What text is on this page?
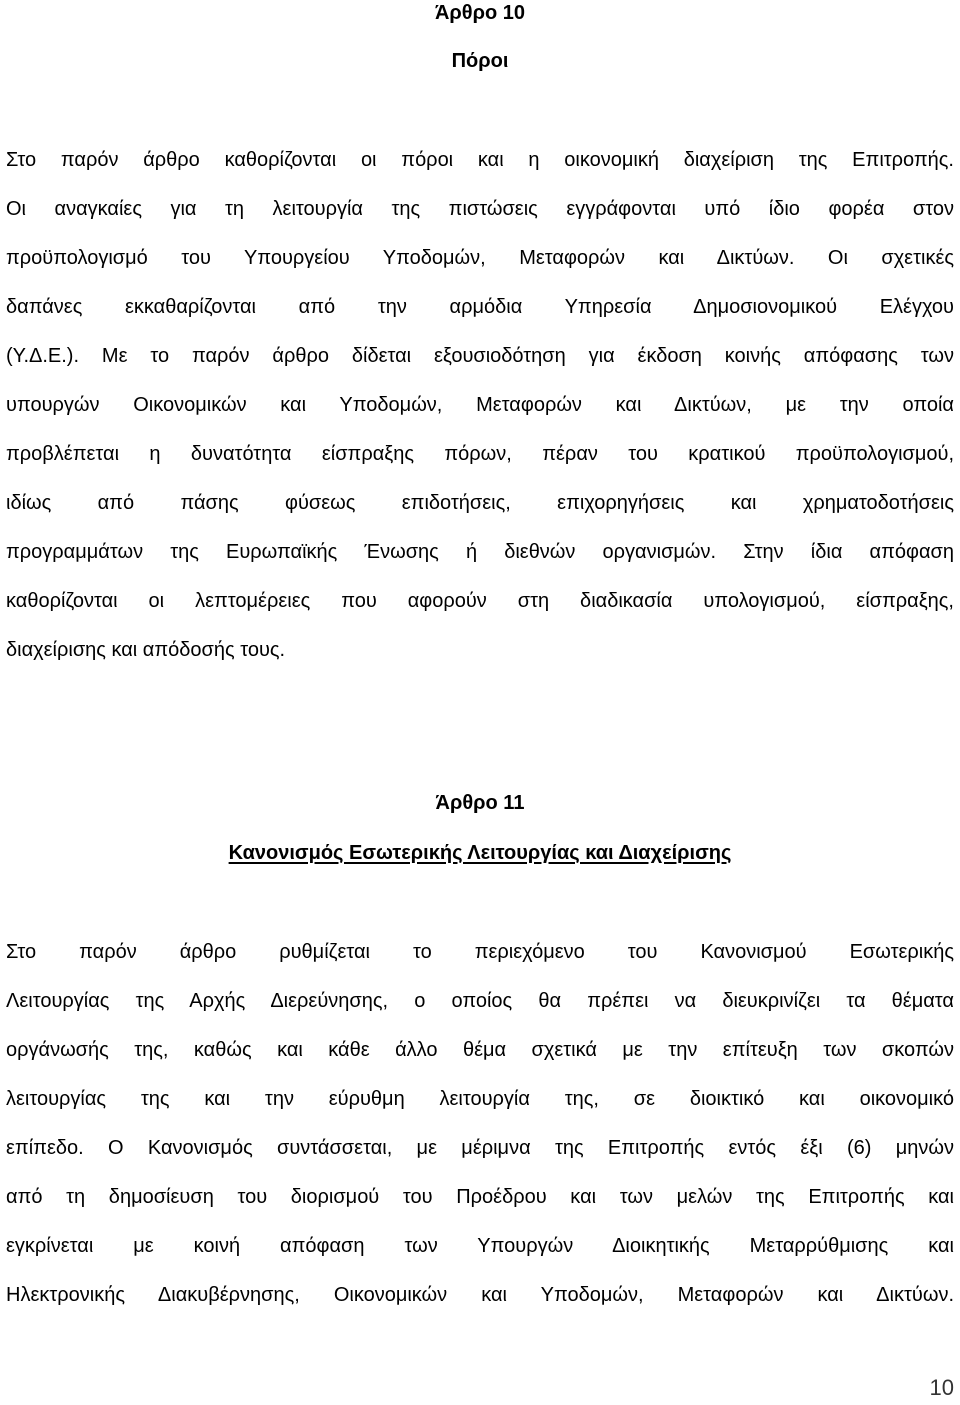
Άρθρο 10
Πόροι
Στο παρόν άρθρο καθορίζονται οι πόροι και η οικονομική διαχείριση της Επιτροπής.
Οι αναγκαίες για τη λειτουργία της πιστώσεις εγγράφονται υπό ίδιο φορέα στον
προϋπολογισμό του Υπουργείου Υποδομών, Μεταφορών και Δικτύων. Οι σχετικές
δαπάνες εκκαθαρίζονται από την αρμόδια Υπηρεσία Δημοσιονομικού Ελέγχου
(Υ.Δ.Ε.). Με το παρόν άρθρο δίδεται εξουσιοδότηση για έκδοση κοινής απόφασης των
υπουργών Οικονομικών και Υποδομών, Μεταφορών και Δικτύων, με την οποία
προβλέπεται η δυνατότητα είσπραξης πόρων, πέραν του κρατικού προϋπολογισμού,
ιδίως από πάσης φύσεως επιδοτήσεις, επιχορηγήσεις και χρηματοδοτήσεις
προγραμμάτων της Ευρωπαϊκής Ένωσης ή διεθνών οργανισμών. Στην ίδια απόφαση
καθορίζονται οι λεπτομέρειες που αφορούν στη διαδικασία υπολογισμού, είσπραξης,
διαχείρισης και απόδοσής τους.
Άρθρο 11
Κανονισμός Εσωτερικής Λειτουργίας και Διαχείρισης
Στο παρόν άρθρο ρυθμίζεται το περιεχόμενο του Κανονισμού Εσωτερικής
Λειτουργίας της Αρχής Διερεύνησης, ο οποίος θα πρέπει να διευκρινίζει τα θέματα
οργάνωσής της, καθώς και κάθε άλλο θέμα σχετικά με την επίτευξη των σκοπών
λειτουργίας της και την εύρυθμη λειτουργία της, σε διοικτικό και οικονομικό
επίπεδο. Ο Κανονισμός συντάσσεται, με μέριμνα της Επιτροπής εντός έξι (6) μηνών
από τη δημοσίευση του διορισμού του Προέδρου και των μελών της Επιτροπής και
εγκρίνεται με κοινή απόφαση των Υπουργών Διοικητικής Μεταρρύθμισης και
Ηλεκτρονικής Διακυβέρνησης, Οικονομικών και Υποδομών, Μεταφορών και Δικτύων.
10
